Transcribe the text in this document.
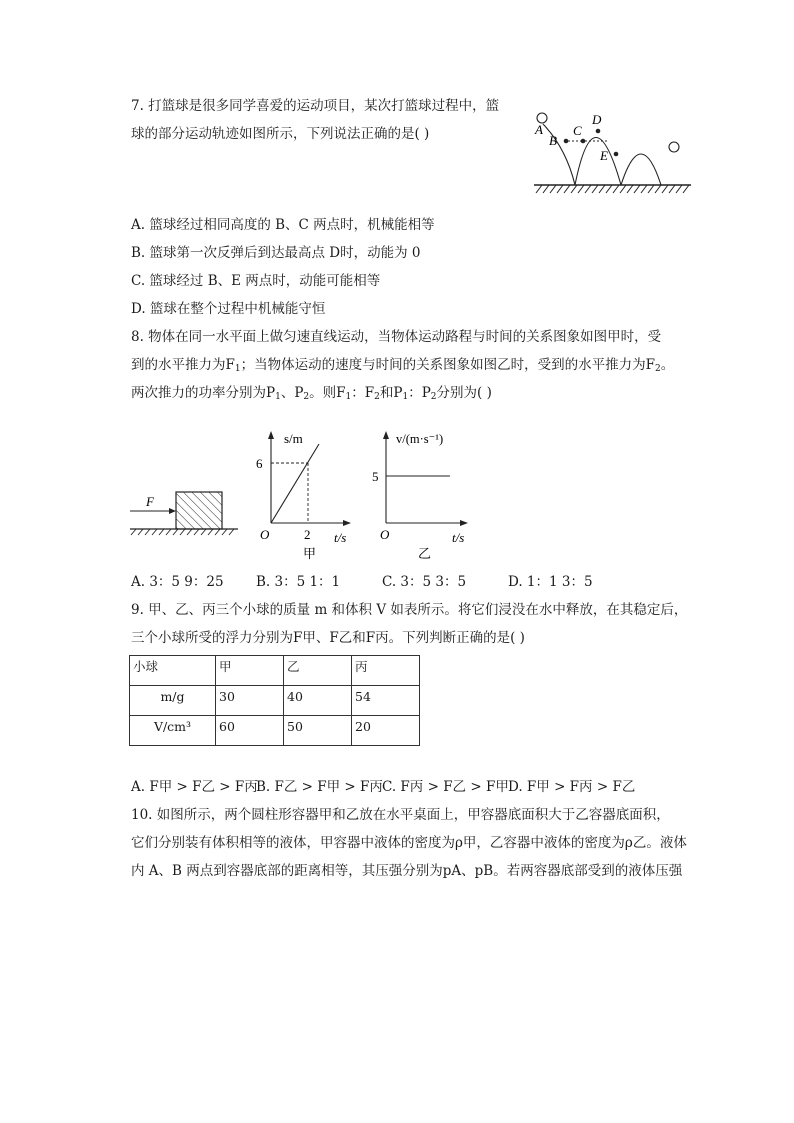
7. 打篮球是很多同学喜爱的运动项目，某次打篮球过程中，篮
球的部分运动轨迹如图所示，下列说法正确的是( )	A
B
C
D
E
A. 篮球经过相同高度的 B、C 两点时，机械能相等
B. 篮球第一次反弹后到达最高点 D时，动能为 0
C. 篮球经过 B、E 两点时，动能可能相等
D. 篮球在整个过程中机械能守恒
8. 物体在同一水平面上做匀速直线运动，当物体运动路程与时间的关系图象如图甲时，受
到的水平推力为$F_1$；当物体运动的速度与时间的关系图象如图乙时，受到的水平推力为$F_2$。
两次推力的功率分别为$P_1$、$P_2$。则$F_1$：$F_2$和$P_1$：$P_2$分别为( )
F
s/m
6
O	2 t/s
甲
v/(m·s⁻¹)
5
O	t/s
乙
A. 3：5 9：25 B. 3：5 1：1	C. 3：5 3：5	D. 1：1 3：5
9. 甲、乙、丙三个小球的质量 m 和体积 V 如表所示。将它们浸没在水中释放，在其稳定后，
三个小球所受的浮力分别为F甲、F乙和F丙。下列判断正确的是( )
小球	甲	乙	丙
m/g	30	40	54
V/cm³	60	50	20
A. F甲 > F乙 > F丙
B. F乙 > F甲 > F丙 C. F丙 > F乙 > F甲 D. F甲 > F丙 > F乙
10. 如图所示，两个圆柱形容器甲和乙放在水平桌面上，甲容器底面积大于乙容器底面积，
它们分别装有体积相等的液体，甲容器中液体的密度为ρ甲，乙容器中液体的密度为ρ乙。液体
内 A、B 两点到容器底部的距离相等，其压强分别为pA、pB。若两容器底部受到的液体压强
